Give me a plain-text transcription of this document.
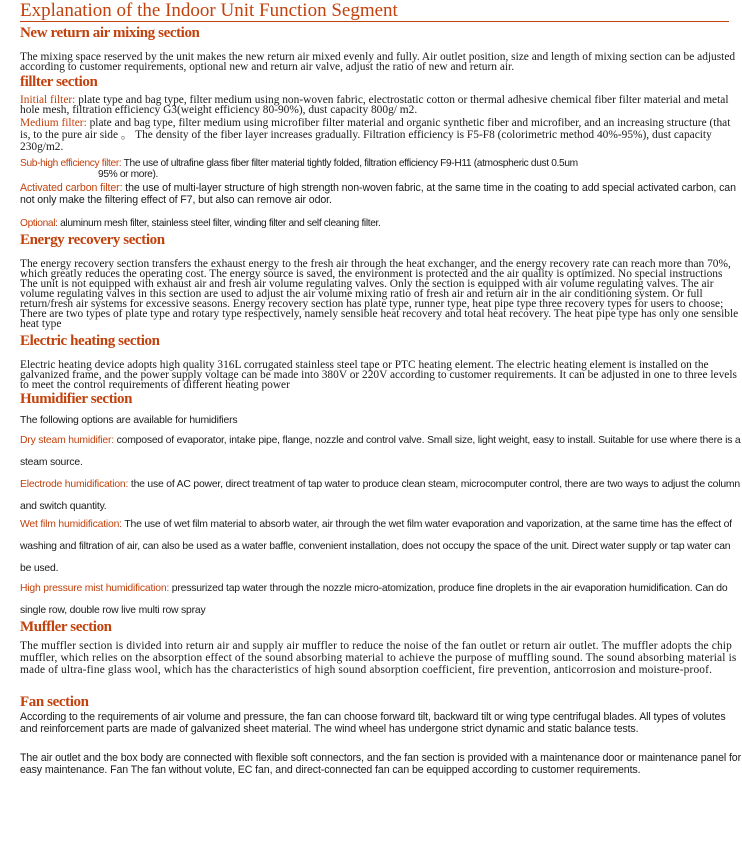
Explanation of the Indoor Unit Function Segment
New return air mixing section

The mixing space reserved by the unit makes the new return air mixed evenly and fully. Air outlet position, size and length of mixing section can be adjusted according to customer requirements, optional new and return air valve, adjust the ratio of new and return air.

fillter section

Initial filter: plate type and bag type, filter medium using non-woven fabric, electrostatic cotton or thermal adhesive chemical fiber filter material and metal hole mesh, filtration efficiency G3(weight efficiency 80-90%), dust capacity 800g/ m2.

Medium filter: plate and bag type, filter medium using microfiber filter material and organic synthetic fiber and microfiber, and an increasing structure (that is, to the pure air side 。 The density of the fiber layer increases gradually. Filtration efficiency is F5-F8 (colorimetric method 40%-95%), dust capacity 230g/m2.

Sub-high efficiency filter: The use of ultrafine glass fiber filter material tightly folded, filtration efficiency F9-H11 (atmospheric dust 0.5um
95% or more).

Activated carbon filter: the use of multi-layer structure of high strength non-woven fabric, at the same time in the coating to add special activated carbon, can not only make the filtering effect of F7, but also can remove air odor.

Optional: aluminum mesh filter, stainless steel filter, winding filter and self cleaning filter.

Energy recovery section

The energy recovery section transfers the exhaust energy to the fresh air through the heat exchanger, and the energy recovery rate can reach more than 70%, which greatly reduces the operating cost. The energy source is saved, the environment is protected and the air quality is optimized. No special instructions The unit is not equipped with exhaust air and fresh air volume regulating valves. Only the section is equipped with air volume regulating valves. The air volume regulating valves in this section are used to adjust the air volume mixing ratio of fresh air and return air in the air conditioning system. Or full return/fresh air systems for excessive seasons. Energy recovery section has plate type, runner type, heat pipe type three recovery types for users to choose; There are two types of plate type and rotary type respectively, namely sensible heat recovery and total heat recovery. The heat pipe type has only one sensible heat type

Electric heating section

Electric heating device adopts high quality 316L corrugated stainless steel tape or PTC heating element. The electric heating element is installed on the galvanized frame, and the power supply voltage can be made into 380V or 220V according to customer requirements. It can be adjusted in one to three levels to meet the control requirements of different heating power

Humidifier section

The following options are available for humidifiers

Dry steam humidifier: composed of evaporator, intake pipe, flange, nozzle and control valve. Small size, light weight, easy to install. Suitable for use where there is a steam source.

Electrode humidification: the use of AC power, direct treatment of tap water to produce clean steam, microcomputer control, there are two ways to adjust the column and switch quantity.

Wet film humidification: The use of wet film material to absorb water, air through the wet film water evaporation and vaporization, at the same time has the effect of washing and filtration of air, can also be used as a water baffle, convenient installation, does not occupy the space of the unit. Direct water supply or tap water can be used.

High pressure mist humidification: pressurized tap water through the nozzle micro-atomization, produce fine droplets in the air evaporation humidification. Can do single row, double row live multi row spray

Muffler section

The muffler section is divided into return air and supply air muffler to reduce the noise of the fan outlet or return air outlet. The muffler adopts the chip muffler, which relies on the absorption effect of the sound absorbing material to achieve the purpose of muffling sound. The sound absorbing material is made of ultra-fine glass wool, which has the characteristics of high sound absorption coefficient, fire prevention, anticorrosion and moisture-proof.

Fan section

According to the requirements of air volume and pressure, the fan can choose forward tilt, backward tilt or wing type centrifugal blades. All types of volutes and reinforcement parts are made of galvanized sheet material. The wind wheel has undergone strict dynamic and static balance tests.

The air outlet and the box body are connected with flexible soft connectors, and the fan section is provided with a maintenance door or maintenance panel for easy maintenance. Fan The fan without volute, EC fan, and direct-connected fan can be equipped according to customer requirements.
